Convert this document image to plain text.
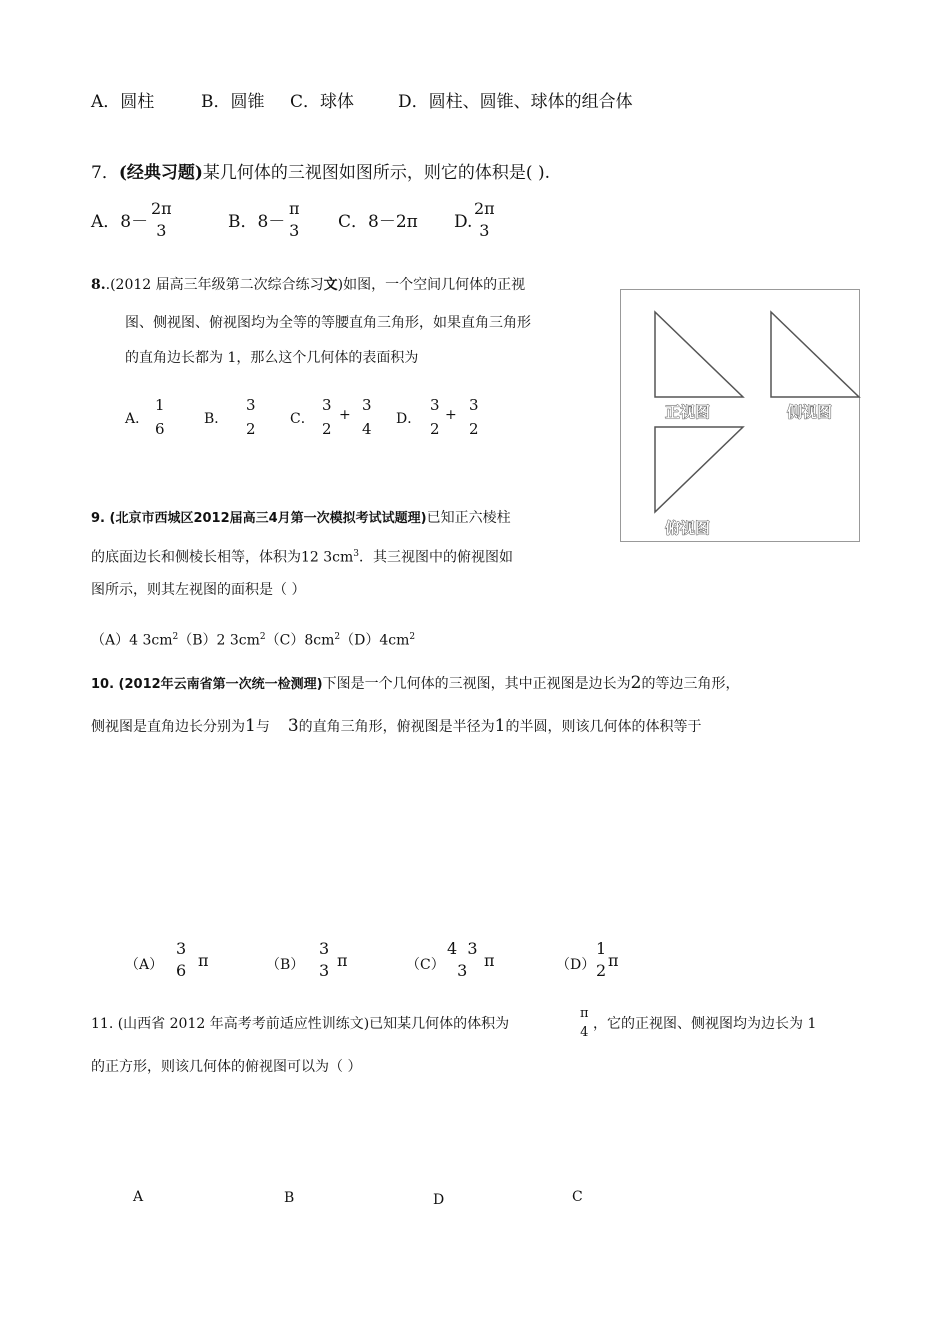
A．圆柱	B．圆锥 C．球体	D．圆柱、圆锥、球体的组合体
7．(经典习题)某几何体的三视图如图所示，则它的体积是( ).
A．8－
2π
3	B．8－
π
3 C．8－2π D.
2π
3
8..(2012 届高三年级第二次综合练习文)如图，一个空间几何体的正视
图、侧视图、俯视图均为全等的等腰直角三角形，如果直角三角形
的直角边长都为 1，那么这个几何体的表面积为
A．
1
6
B．
3
2
C．
3
2
+
3
4
D．
3
2
+
3
2
正视图	侧视图
俯视图
9. (北京市西城区2012届高三4月第一次模拟考试试题理)已知正六棱柱
的底面边长和侧棱长相等，体积为12 $3cm^3$．其三视图中的俯视图如
图所示，则其左视图的面积是（ ）
（A）4 $3cm^2(B)2$ $3cm^2(C)8cm^2(D)4cm^2$
10. (2012年云南省第一次统一检测理)下图是一个几何体的三视图，其中正视图是边长为2的等边三角形，
侧视图是直角边长分别为1与 3的直角三角形，俯视图是半径为1的半圆，则该几何体的体积等于
（A）
3
6
π	（B）
3
3
π	（C）
4  3
3
π	（D）
1
2
π
11. (山西省 2012 年高考考前适应性训练文)已知某几何体的体积为
π
4
，它的正视图、侧视图均为边长为 1
的正方形，则该几何体的俯视图可以为（ ）
A	B	D	C
